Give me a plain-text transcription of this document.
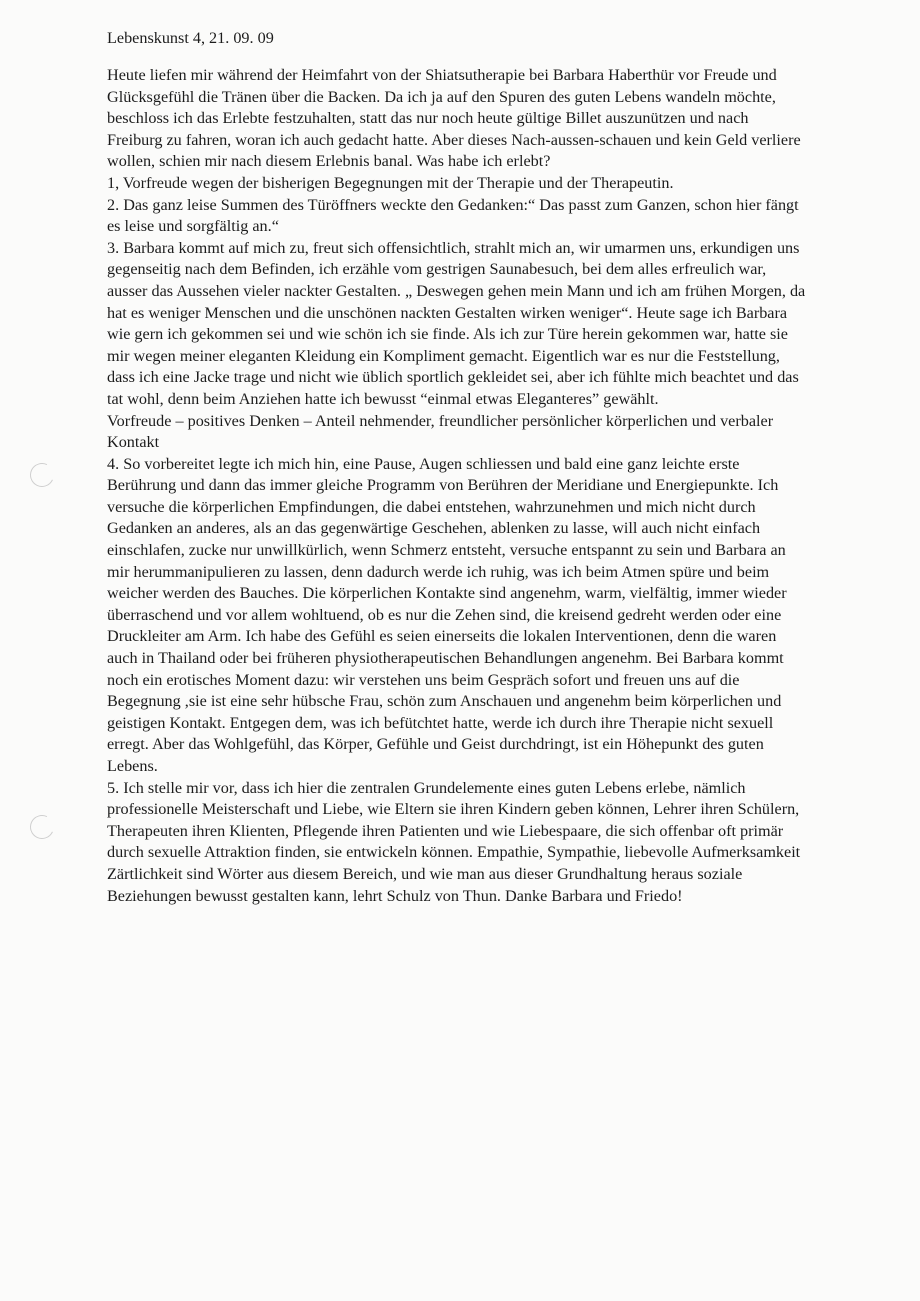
Lebenskunst 4, 21. 09. 09
Heute liefen mir während der Heimfahrt von der Shiatsutherapie bei Barbara Haberthür vor Freude und
Glücksgefühl die Tränen über die Backen. Da ich ja auf den Spuren des guten Lebens wandeln möchte,
beschloss ich das Erlebte festzuhalten, statt das nur noch heute gültige Billet auszunützen und nach
Freiburg zu fahren, woran ich auch gedacht hatte. Aber dieses Nach-aussen-schauen und kein Geld verliere
wollen, schien mir nach diesem Erlebnis banal. Was habe ich erlebt?
1, Vorfreude wegen der bisherigen Begegnungen mit der Therapie und der Therapeutin.
2. Das ganz leise Summen des Türöffners weckte den Gedanken:“ Das passt zum Ganzen, schon hier fängt
es leise und sorgfältig an.“
3. Barbara kommt auf mich zu, freut sich offensichtlich, strahlt mich an, wir umarmen uns, erkundigen uns
gegenseitig nach dem Befinden, ich erzähle vom gestrigen Saunabesuch, bei dem alles erfreulich war,
ausser das Aussehen vieler nackter Gestalten. „ Deswegen gehen mein Mann und ich am frühen Morgen, da
hat es weniger Menschen und die unschönen nackten Gestalten wirken weniger“. Heute sage ich Barbara
wie gern ich gekommen sei und wie schön ich sie finde. Als ich zur Türe herein gekommen war, hatte sie
mir wegen meiner eleganten Kleidung ein Kompliment gemacht. Eigentlich war es nur die Feststellung,
dass ich eine Jacke trage und nicht wie üblich sportlich gekleidet sei, aber ich fühlte mich beachtet und das
tat wohl, denn beim Anziehen hatte ich bewusst “einmal etwas Eleganteres” gewählt.
Vorfreude – positives Denken – Anteil nehmender, freundlicher persönlicher körperlichen und verbaler
Kontakt
4. So vorbereitet legte ich mich hin, eine Pause, Augen schliessen und bald eine ganz leichte erste
Berührung und dann das immer gleiche Programm von Berühren der Meridiane und Energiepunkte. Ich
versuche die körperlichen Empfindungen, die dabei entstehen, wahrzunehmen und mich nicht durch
Gedanken an anderes, als an das gegenwärtige Geschehen, ablenken zu lasse, will auch nicht einfach
einschlafen, zucke nur unwillkürlich, wenn Schmerz entsteht, versuche entspannt zu sein und Barbara an
mir herummanipulieren zu lassen, denn dadurch werde ich ruhig, was ich beim Atmen spüre und beim
weicher werden des Bauches. Die körperlichen Kontakte sind angenehm, warm, vielfältig, immer wieder
überraschend und vor allem wohltuend, ob es nur die Zehen sind, die kreisend gedreht werden oder eine
Druckleiter am Arm. Ich habe des Gefühl es seien einerseits die lokalen Interventionen, denn die waren
auch in Thailand oder bei früheren physiotherapeutischen Behandlungen angenehm. Bei Barbara kommt
noch ein erotisches Moment dazu: wir verstehen uns beim Gespräch sofort und freuen uns auf die
Begegnung ,sie ist eine sehr hübsche Frau, schön zum Anschauen und angenehm beim körperlichen und
geistigen Kontakt. Entgegen dem, was ich befütchtet hatte, werde ich durch ihre Therapie nicht sexuell
erregt. Aber das Wohlgefühl, das Körper, Gefühle und Geist durchdringt, ist ein Höhepunkt des guten
Lebens.
5. Ich stelle mir vor, dass ich hier die zentralen Grundelemente eines guten Lebens erlebe, nämlich
professionelle Meisterschaft und Liebe, wie Eltern sie ihren Kindern geben können, Lehrer ihren Schülern,
Therapeuten ihren Klienten, Pflegende ihren Patienten und wie Liebespaare, die sich offenbar oft primär
durch sexuelle Attraktion finden, sie entwickeln können. Empathie, Sympathie, liebevolle Aufmerksamkeit
Zärtlichkeit sind Wörter aus diesem Bereich, und wie man aus dieser Grundhaltung heraus soziale
Beziehungen bewusst gestalten kann, lehrt Schulz von Thun. Danke Barbara und Friedo!
